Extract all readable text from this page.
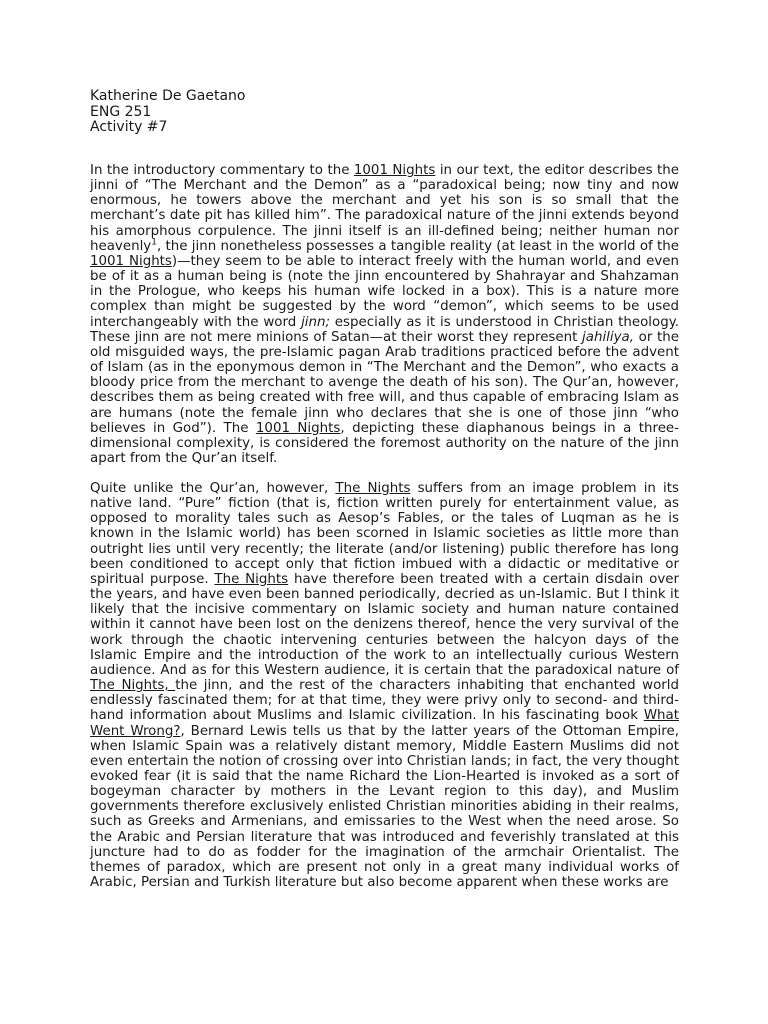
Katherine De Gaetano
ENG 251
Activity #7

In the introductory commentary to the 1001 Nights in our text, the editor describes the jinni of “The Merchant and the Demon” as a “paradoxical being; now tiny and now enormous, he towers above the merchant and yet his son is so small that the merchant’s date pit has killed him”. The paradoxical nature of the jinni extends beyond his amorphous corpulence. The jinni itself is an ill-defined being; neither human nor heavenly$^1$, the jinn nonetheless possesses a tangible reality (at least in the world of the 1001 Nights)—they seem to be able to interact freely with the human world, and even be of it as a human being is (note the jinn encountered by Shahrayar and Shahzaman in the Prologue, who keeps his human wife locked in a box). This is a nature more complex than might be suggested by the word “demon”, which seems to be used interchangeably with the word jinn; especially as it is understood in Christian theology. These jinn are not mere minions of Satan—at their worst they represent jahiliya, or the old misguided ways, the pre-Islamic pagan Arab traditions practiced before the advent of Islam (as in the eponymous demon in “The Merchant and the Demon”, who exacts a bloody price from the merchant to avenge the death of his son). The Qur’an, however, describes them as being created with free will, and thus capable of embracing Islam as are humans (note the female jinn who declares that she is one of those jinn “who believes in God”). The 1001 Nights, depicting these diaphanous beings in a three-dimensional complexity, is considered the foremost authority on the nature of the jinn apart from the Qur’an itself.

Quite unlike the Qur’an, however, The Nights suffers from an image problem in its native land. “Pure” fiction (that is, fiction written purely for entertainment value, as opposed to morality tales such as Aesop’s Fables, or the tales of Luqman as he is known in the Islamic world) has been scorned in Islamic societies as little more than outright lies until very recently; the literate (and/or listening) public therefore has long been conditioned to accept only that fiction imbued with a didactic or meditative or spiritual purpose. The Nights have therefore been treated with a certain disdain over the years, and have even been banned periodically, decried as un-Islamic. But I think it likely that the incisive commentary on Islamic society and human nature contained within it cannot have been lost on the denizens thereof, hence the very survival of the work through the chaotic intervening centuries between the halcyon days of the Islamic Empire and the introduction of the work to an intellectually curious Western audience. And as for this Western audience, it is certain that the paradoxical nature of The Nights, the jinn, and the rest of the characters inhabiting that enchanted world endlessly fascinated them; for at that time, they were privy only to second- and third-hand information about Muslims and Islamic civilization. In his fascinating book What Went Wrong?, Bernard Lewis tells us that by the latter years of the Ottoman Empire, when Islamic Spain was a relatively distant memory, Middle Eastern Muslims did not even entertain the notion of crossing over into Christian lands; in fact, the very thought evoked fear (it is said that the name Richard the Lion-Hearted is invoked as a sort of bogeyman character by mothers in the Levant region to this day), and Muslim governments therefore exclusively enlisted Christian minorities abiding in their realms, such as Greeks and Armenians, and emissaries to the West when the need arose. So the Arabic and Persian literature that was introduced and feverishly translated at this juncture had to do as fodder for the imagination of the armchair Orientalist. The themes of paradox, which are present not only in a great many individual works of Arabic, Persian and Turkish literature but also become apparent when these works are
